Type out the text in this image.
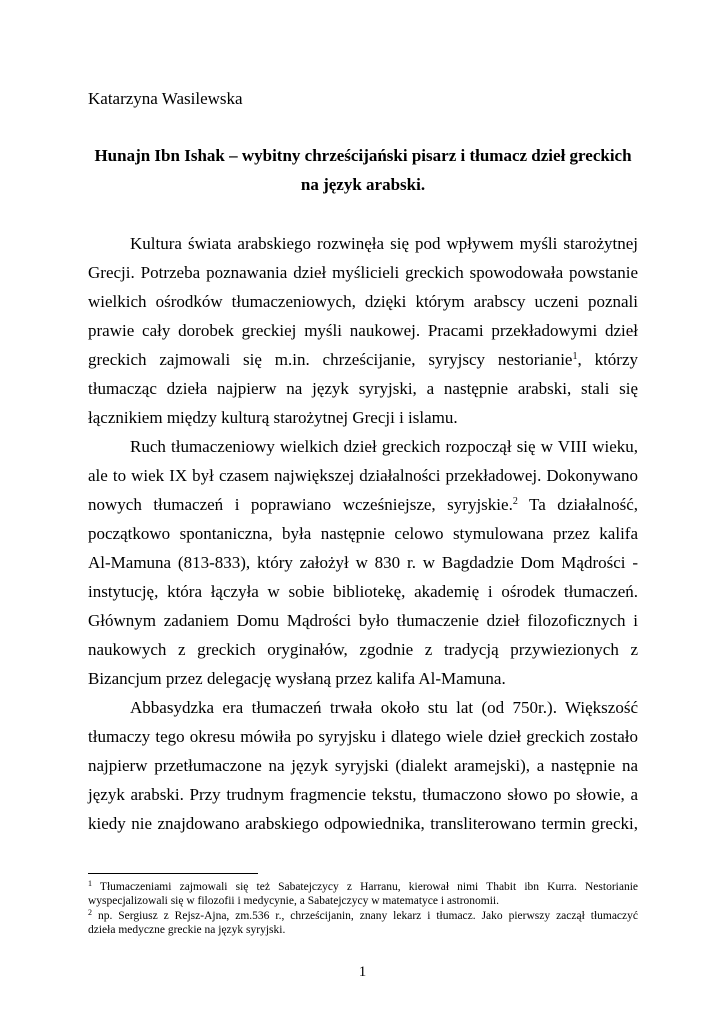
Katarzyna Wasilewska
Hunajn Ibn Ishak – wybitny chrześcijański pisarz i tłumacz dzieł greckich
na język arabski.
Kultura świata arabskiego rozwinęła się pod wpływem myśli starożytnej
Grecji. Potrzeba poznawania dzieł myślicieli greckich spowodowała powstanie
wielkich ośrodków tłumaczeniowych, dzięki którym arabscy uczeni poznali
prawie cały dorobek greckiej myśli naukowej. Pracami przekładowymi dzieł
greckich zajmowali się m.in. chrześcijanie, syryjscy nestorianie$^1$, którzy
tłumacząc dzieła najpierw na język syryjski, a następnie arabski, stali się
łącznikiem między kulturą starożytnej Grecji i islamu.
Ruch tłumaczeniowy wielkich dzieł greckich rozpoczął się w VIII wieku,
ale to wiek IX był czasem największej działalności przekładowej. Dokonywano
nowych tłumaczeń i poprawiano wcześniejsze, syryjskie.$^2$ Ta działalność,
początkowo spontaniczna, była następnie celowo stymulowana przez kalifa
Al-Mamuna (813-833), który założył w 830 r. w Bagdadzie Dom Mądrości -
instytucję, która łączyła w sobie bibliotekę, akademię i ośrodek tłumaczeń.
Głównym zadaniem Domu Mądrości było tłumaczenie dzieł filozoficznych i
naukowych z greckich oryginałów, zgodnie z tradycją przywiezionych z
Bizancjum przez delegację wysłaną przez kalifa Al-Mamuna.
Abbasydzka era tłumaczeń trwała około stu lat (od 750r.). Większość
tłumaczy tego okresu mówiła po syryjsku i dlatego wiele dzieł greckich zostało
najpierw przetłumaczone na język syryjski (dialekt aramejski), a następnie na
język arabski. Przy trudnym fragmencie tekstu, tłumaczono słowo po słowie, a
kiedy nie znajdowano arabskiego odpowiednika, transliterowano termin grecki,
$^1$ Tłumaczeniami zajmowali się też Sabatejczycy z Harranu, kierował nimi Thabit ibn Kurra. Nestorianie
wyspecjalizowali się w filozofii i medycynie, a Sabatejczycy w matematyce i astronomii.
$^2$ np. Sergiusz z Rejsz-Ajna, zm.536 r., chrześcijanin, znany lekarz i tłumacz. Jako pierwszy zaczął tłumaczyć
dzieła medyczne greckie na język syryjski.
1
